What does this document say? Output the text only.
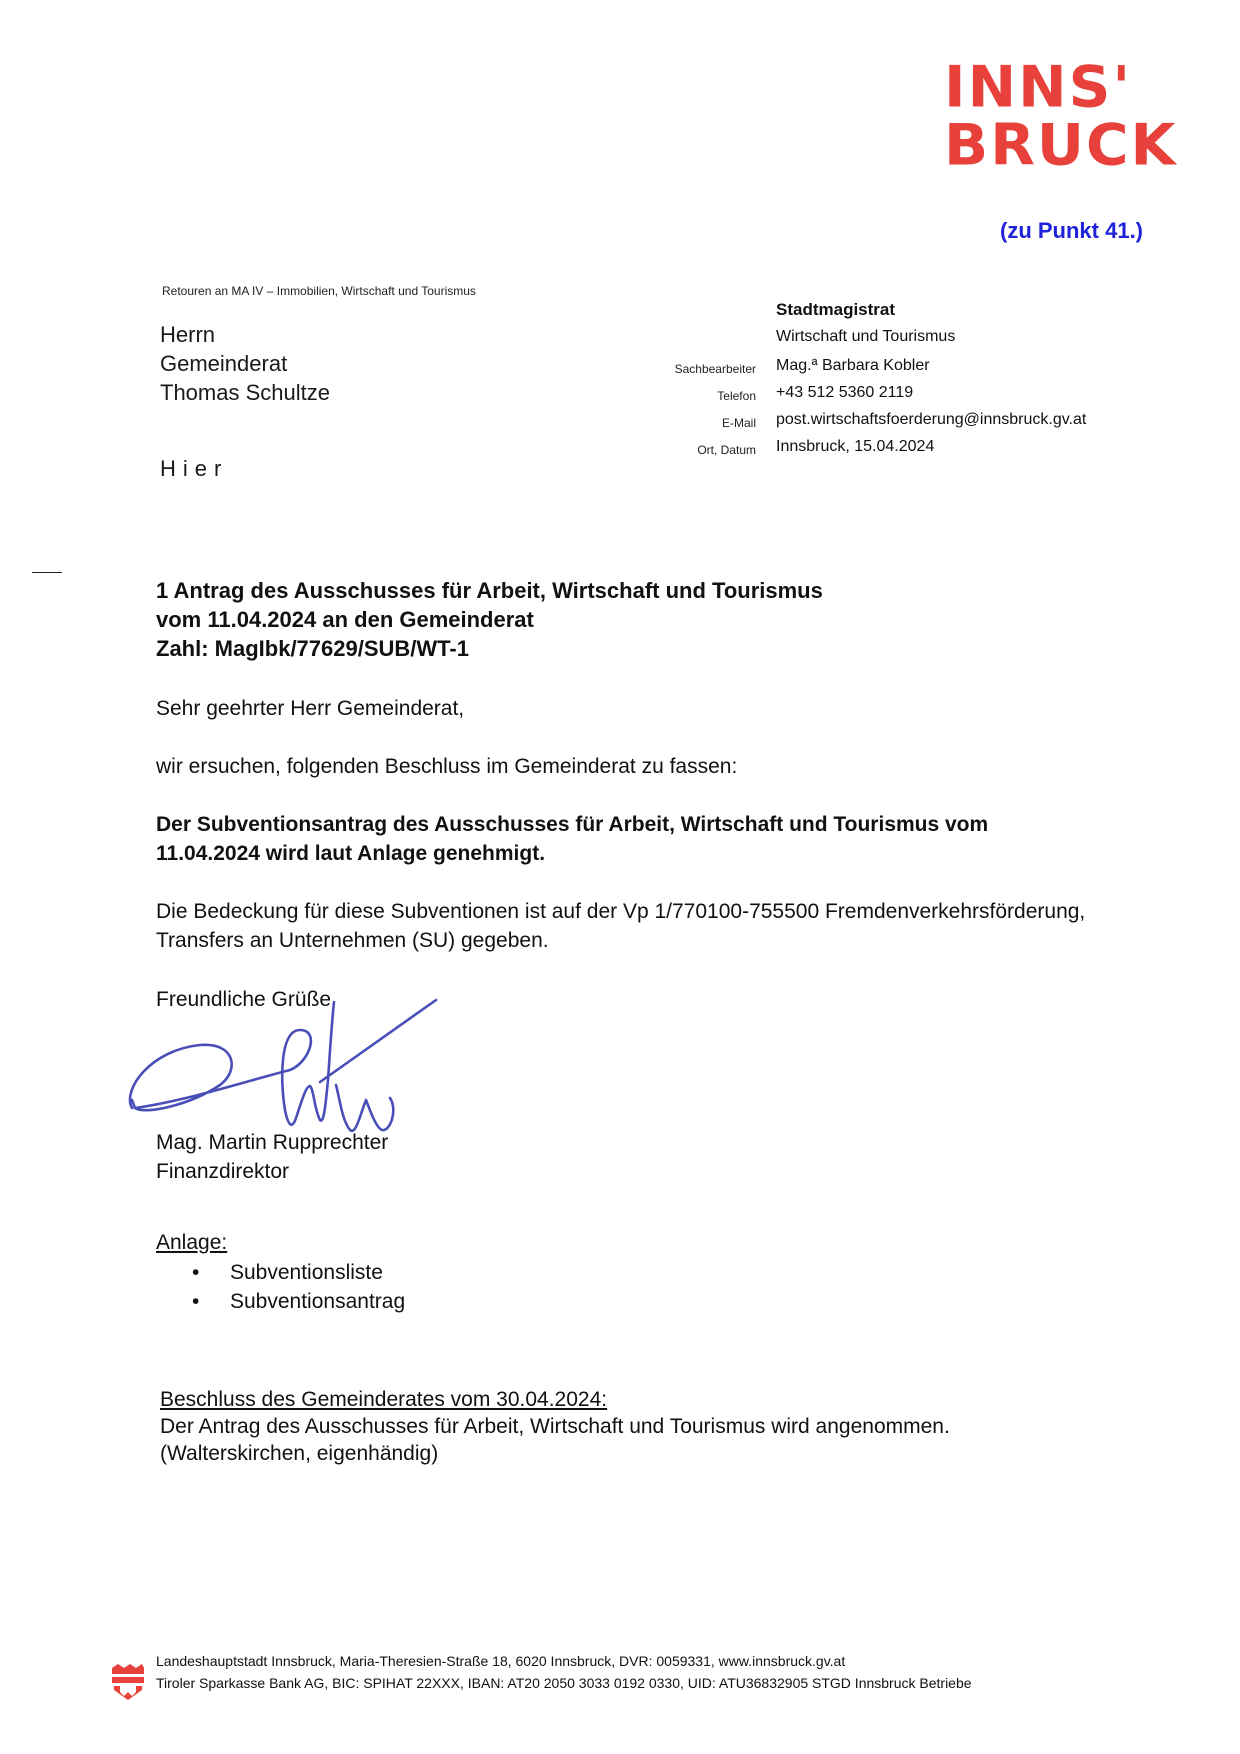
INNS'
BRUCK
(zu Punkt 41.)
Retouren an MA IV – Immobilien, Wirtschaft und Tourismus
Herrn
Gemeinderat
Thomas Schultze
Hier
Stadtmagistrat
Wirtschaft und Tourismus
Sachbearbeiter Mag.ª Barbara Kobler
Telefon +43 512 5360 2119
E-Mail post.wirtschaftsfoerderung@innsbruck.gv.at
Ort, Datum Innsbruck, 15.04.2024
1 Antrag des Ausschusses für Arbeit, Wirtschaft und Tourismus
vom 11.04.2024 an den Gemeinderat
Zahl: MagIbk/77629/SUB/WT-1
Sehr geehrter Herr Gemeinderat,
wir ersuchen, folgenden Beschluss im Gemeinderat zu fassen:
Der Subventionsantrag des Ausschusses für Arbeit, Wirtschaft und Tourismus vom
11.04.2024 wird laut Anlage genehmigt.
Die Bedeckung für diese Subventionen ist auf der Vp 1/770100-755500 Fremdenverkehrsförderung,
Transfers an Unternehmen (SU) gegeben.
Freundliche Grüße
Mag. Martin Rupprechter
Finanzdirektor
Anlage:
• Subventionsliste
• Subventionsantrag
Beschluss des Gemeinderates vom 30.04.2024:
Der Antrag des Ausschusses für Arbeit, Wirtschaft und Tourismus wird angenommen.
(Walterskirchen, eigenhändig)
Landeshauptstadt Innsbruck, Maria-Theresien-Straße 18, 6020 Innsbruck, DVR: 0059331, www.innsbruck.gv.at
Tiroler Sparkasse Bank AG, BIC: SPIHAT 22XXX, IBAN: AT20 2050 3033 0192 0330, UID: ATU36832905 STGD Innsbruck Betriebe
